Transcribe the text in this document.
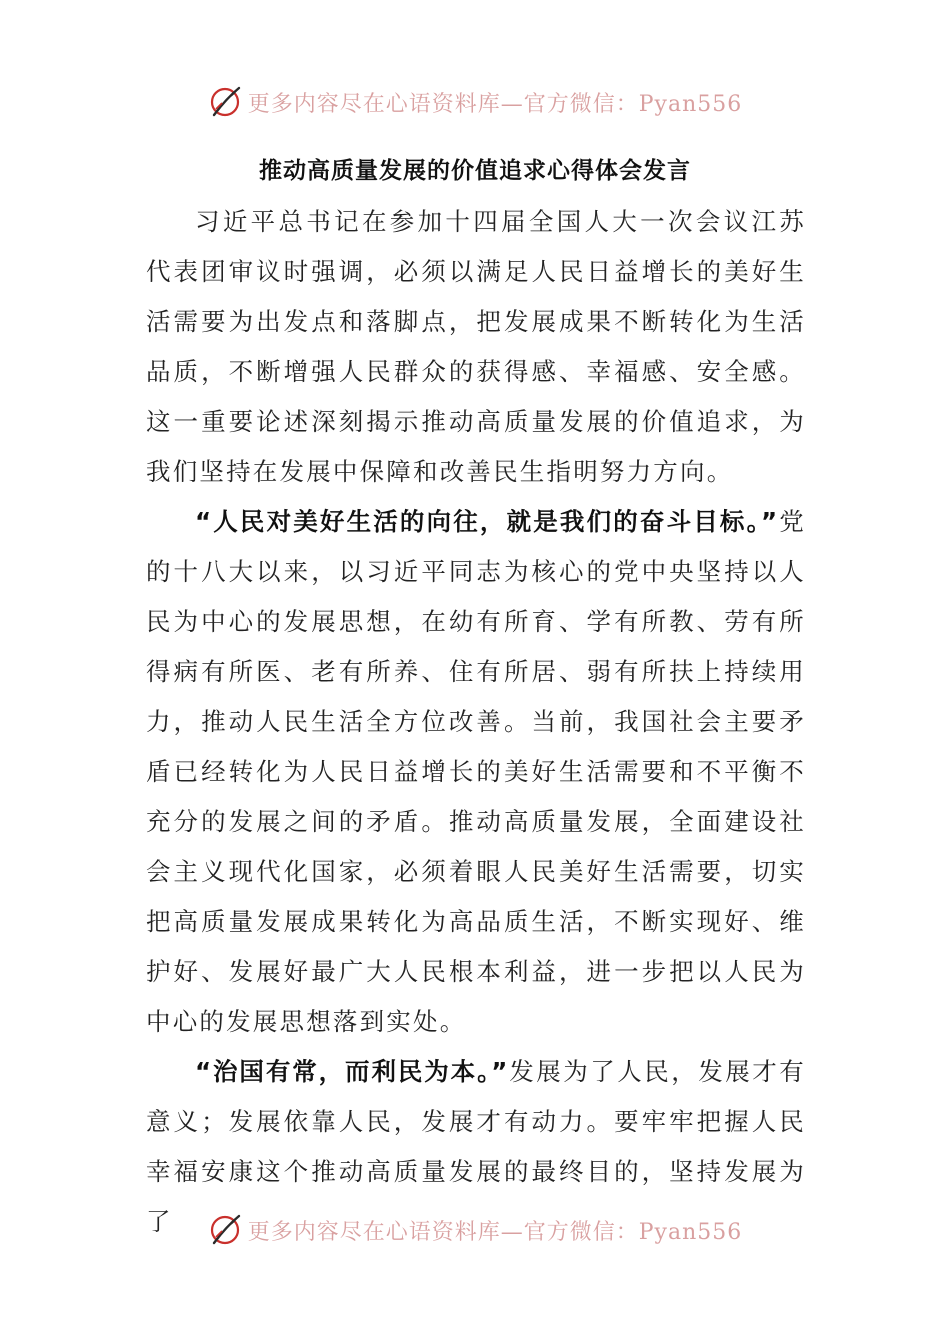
更多内容尽在心语资料库—官方微信：Pyan556
推动高质量发展的价值追求心得体会发言

习近平总书记在参加十四届全国人大一次会议江苏代表团审议时强调，必须以满足人民日益增长的美好生活需要为出发点和落脚点，把发展成果不断转化为生活品质，不断增强人民群众的获得感、幸福感、安全感。这一重要论述深刻揭示推动高质量发展的价值追求，为我们坚持在发展中保障和改善民生指明努力方向。

“人民对美好生活的向往，就是我们的奋斗目标。”党的十八大以来，以习近平同志为核心的党中央坚持以人民为中心的发展思想，在幼有所育、学有所教、劳有所得病有所医、老有所养、住有所居、弱有所扶上持续用力，推动人民生活全方位改善。当前，我国社会主要矛盾已经转化为人民日益增长的美好生活需要和不平衡不充分的发展之间的矛盾。推动高质量发展，全面建设社会主义现代化国家，必须着眼人民美好生活需要，切实把高质量发展成果转化为高品质生活，不断实现好、维护好、发展好最广大人民根本利益，进一步把以人民为中心的发展思想落到实处。

“治国有常，而利民为本。”发展为了人民，发展才有意义；发展依靠人民，发展才有动力。要牢牢把握人民幸福安康这个推动高质量发展的最终目的，坚持发展为了	更多内容尽在心语资料库—官方微信：Pyan556
